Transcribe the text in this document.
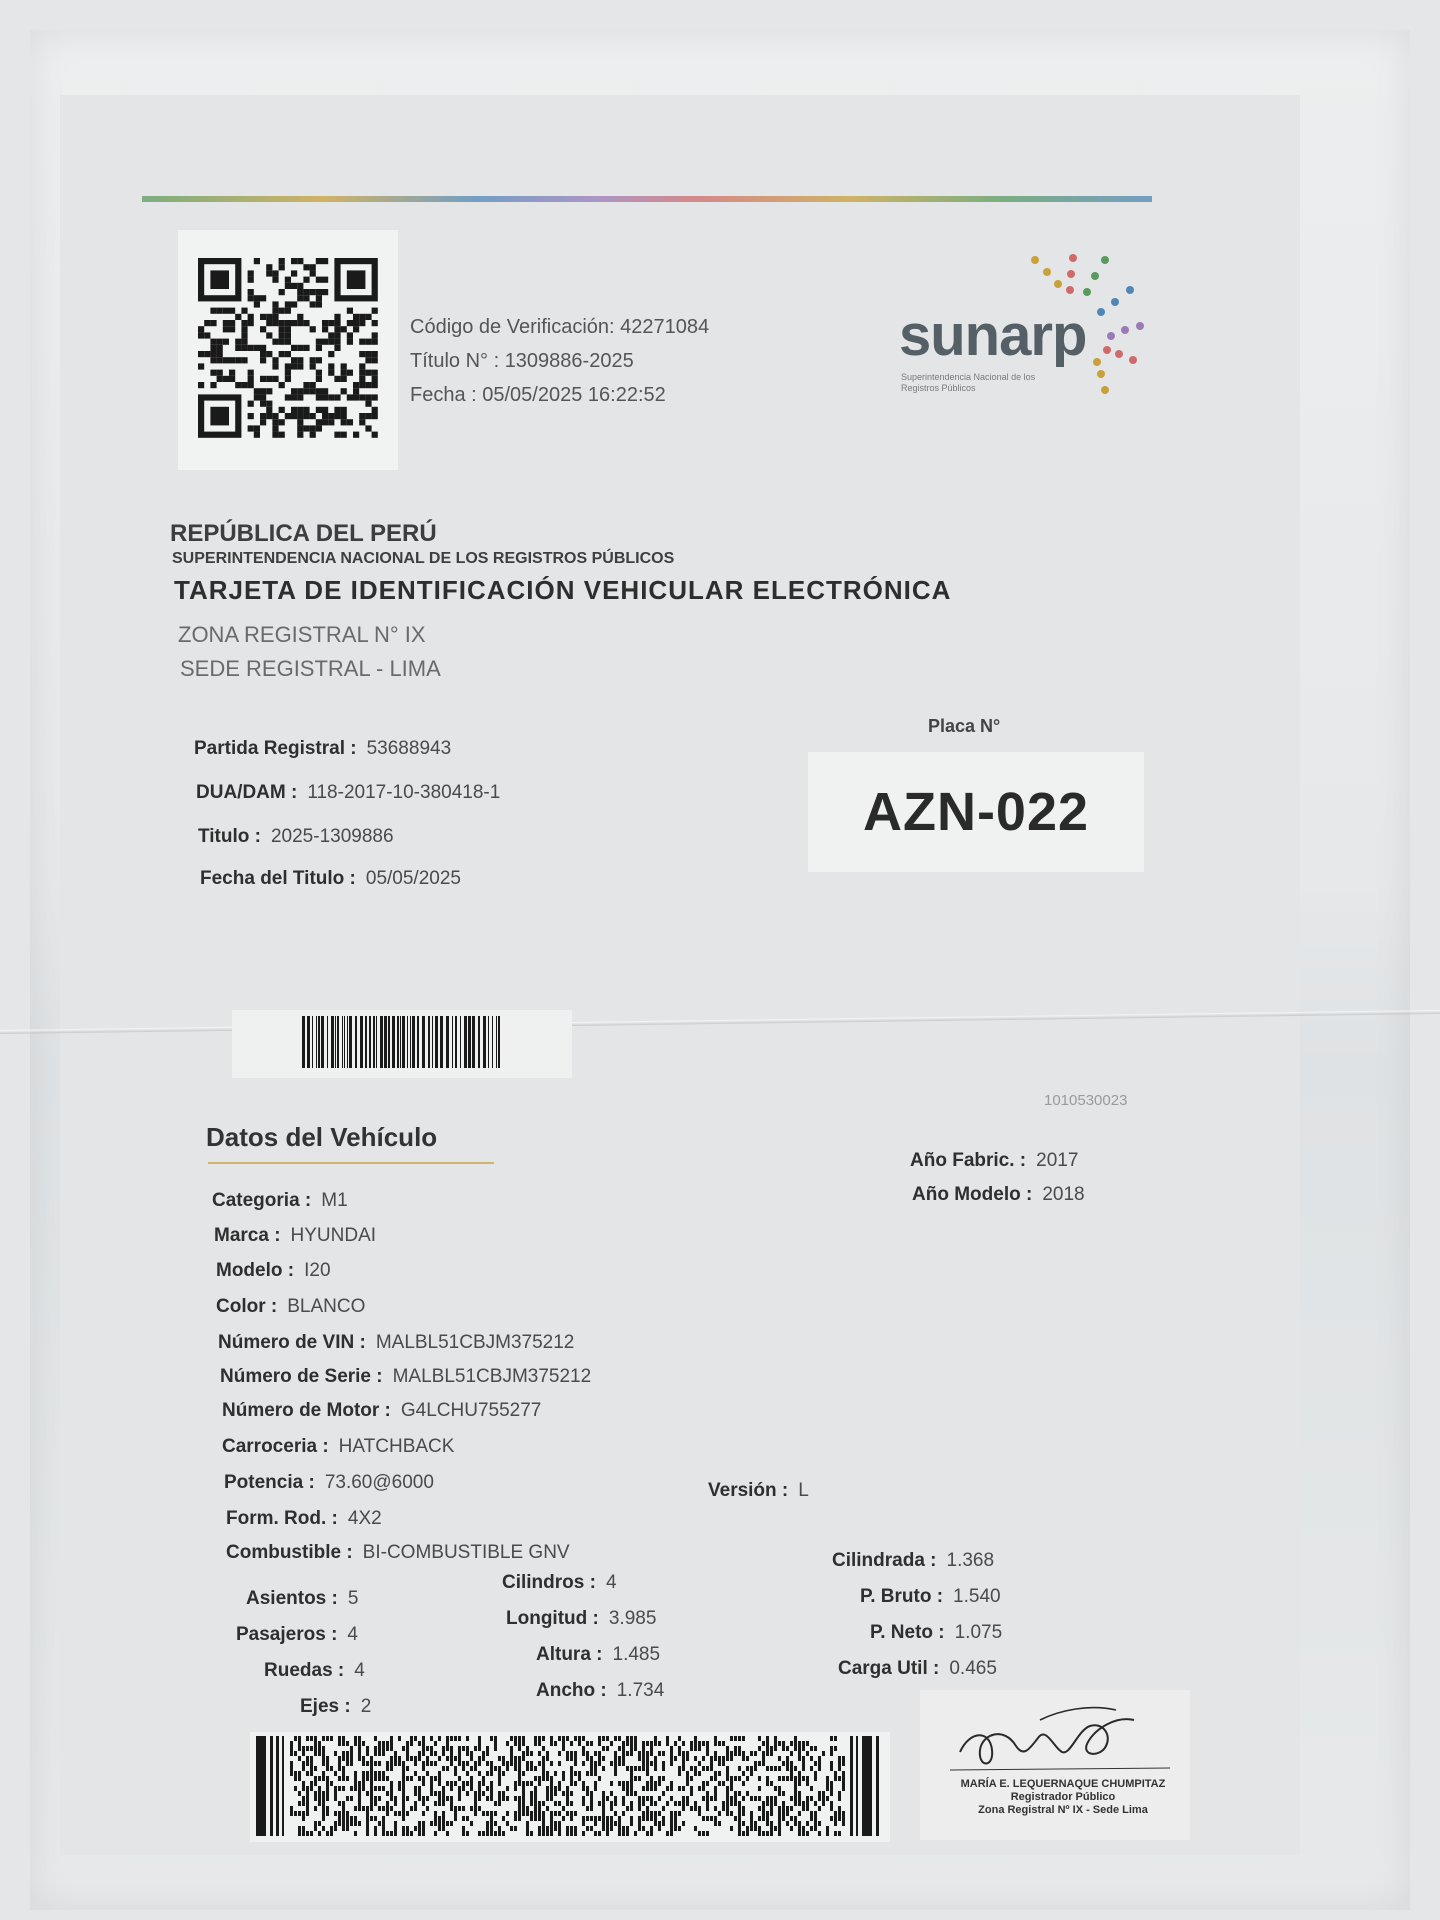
Código de Verificación: 42271084
Título N° : 1309886-2025
Fecha : 05/05/2025 16:22:52
sunarp
Superintendencia Nacional de los Registros Públicos
REPÚBLICA DEL PERÚ
SUPERINTENDENCIA NACIONAL DE LOS REGISTROS PÚBLICOS
TARJETA DE IDENTIFICACIÓN VEHICULAR ELECTRÓNICA
ZONA REGISTRAL N° IX
SEDE REGISTRAL - LIMA
Partida Registral : 53688943
DUA/DAM : 118-2017-10-380418-1
Titulo : 2025-1309886
Fecha del Titulo : 05/05/2025
Placa N°
AZN-022
1010530023
Datos del Vehículo
Categoria : M1
Marca : HYUNDAI
Modelo : I20
Color : BLANCO
Número de VIN : MALBL51CBJM375212
Número de Serie : MALBL51CBJM375212
Número de Motor : G4LCHU755277
Carroceria : HATCHBACK
Potencia : 73.60@6000
Form. Rod. : 4X2
Combustible : BI-COMBUSTIBLE GNV
Versión : L
Año Fabric. : 2017
Año Modelo : 2018
Asientos : 5
Pasajeros : 4
Ruedas : 4
Ejes : 2
Cilindros : 4
Longitud : 3.985
Altura : 1.485
Ancho : 1.734
Cilindrada : 1.368
P. Bruto : 1.540
P. Neto : 1.075
Carga Util : 0.465
MARÍA E. LEQUERNAQUE CHUMPITAZ
Registrador Público
Zona Registral Nº IX - Sede Lima
